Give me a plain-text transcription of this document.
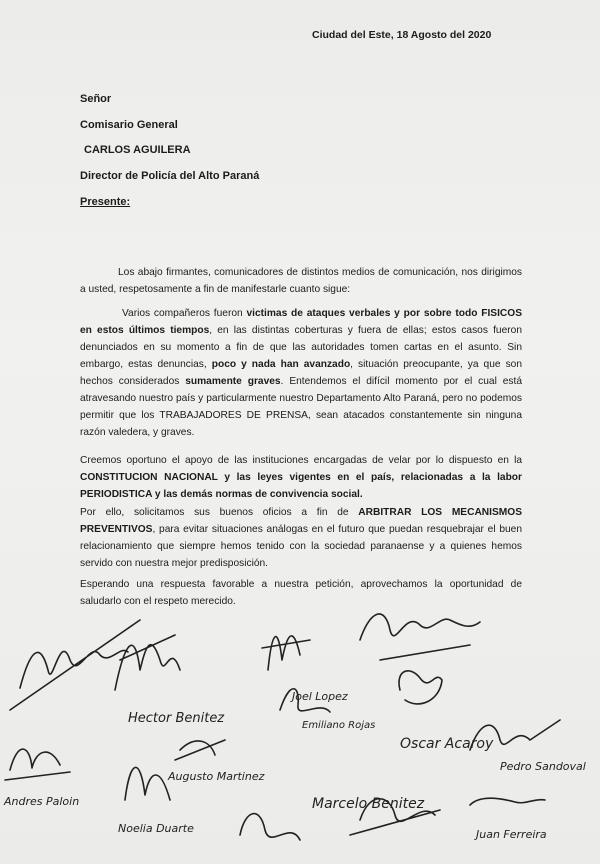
Ciudad del Este, 18 Agosto del 2020
Señor
Comisario General
CARLOS AGUILERA
Director de Policía del Alto Paraná
Presente:
Los abajo firmantes, comunicadores de distintos medios de comunicación, nos dirigimos a usted, respetosamente a fin de manifestarle cuanto sigue:
Varios compañeros fueron victimas de ataques verbales y por sobre todo FISICOS en estos últimos tiempos, en las distintas coberturas y fuera de ellas; estos casos fueron denunciados en su momento a fin de que las autoridades tomen cartas en el asunto. Sin embargo, estas denuncias, poco y nada han avanzado, situación preocupante, ya que son hechos considerados sumamente graves. Entendemos el difícil momento por el cual está atravesando nuestro país y particularmente nuestro Departamento Alto Paraná, pero no podemos permitir que los TRABAJADORES DE PRENSA, sean atacados constantemente sin ninguna razón valedera, y graves.
Creemos oportuno el apoyo de las instituciones encargadas de velar por lo dispuesto en la CONSTITUCION NACIONAL y las leyes vigentes en el país, relacionadas a la labor PERIODISTICA y las demás normas de convivencia social.
Por ello, solicitamos sus buenos oficios a fin de ARBITRAR LOS MECANISMOS PREVENTIVOS, para evitar situaciones análogas en el futuro que puedan resquebrajar el buen relacionamiento que siempre hemos tenido con la sociedad paranaense y a quienes hemos servido con nuestra mejor predisposición.
Esperando una respuesta favorable a nuestra petición, aprovechamos la oportunidad de saludarlo con el respeto merecido.
Hector Benitez
Joel Lopez
Emiliano Rojas
Oscar Acaroy
Pedro Sandoval
Augusto Martinez
Andres Paloin
Noelia Duarte
Marcelo Benitez
Juan Ferreira
